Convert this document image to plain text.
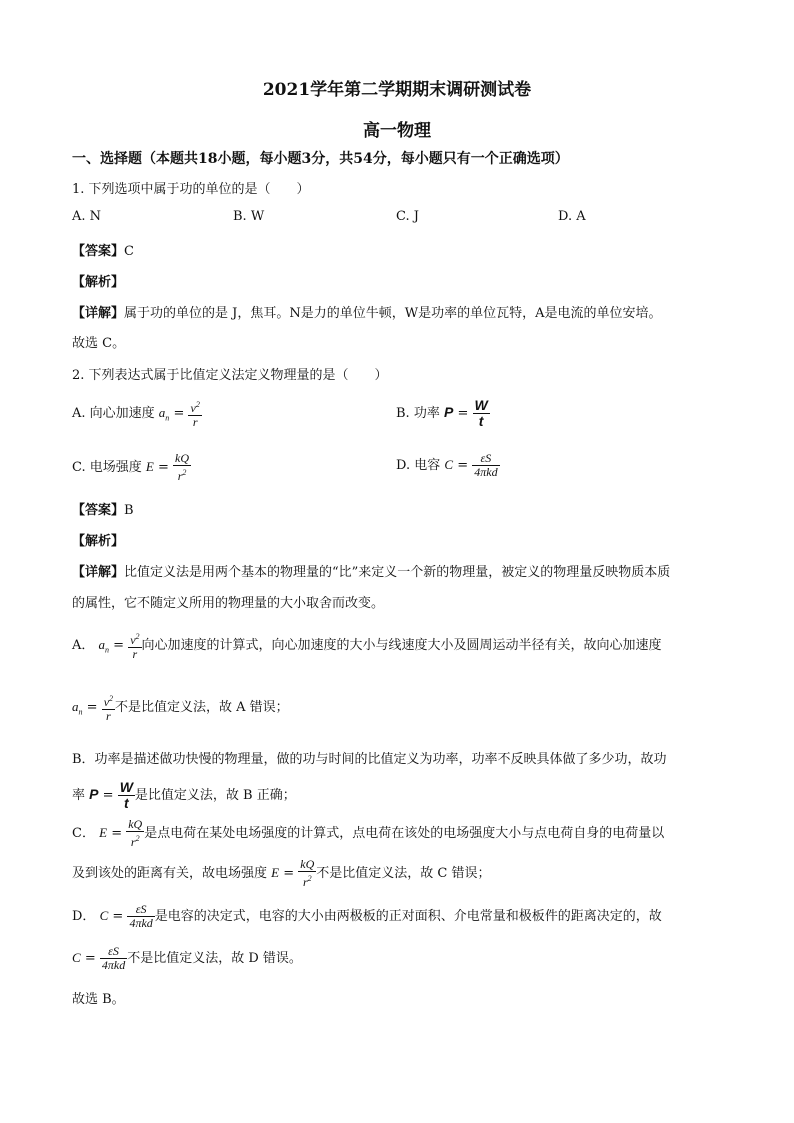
2021学年第二学期期末调研测试卷
高一物理
一、选择题（本题共18小题，每小题3分，共54分，每小题只有一个正确选项）
1. 下列选项中属于功的单位的是（　　）
A. N	B. W	C. J	D. A
【答案】C
【解析】
【详解】属于功的单位的是 J，焦耳。N是力的单位牛顿，W是功率的单位瓦特，A是电流的单位安培。
故选 C。
2. 下列表达式属于比值定义法定义物理量的是（　　）
A. 向心加速度 $a_n = \frac{v^2}{r}$	B. 功率 $P = \frac{W}{t}$
C. 电场强度 $E = \frac{kQ}{r^2}$	D. 电容 $C = \frac{\varepsilon S}{\text{4πkd}}$
【答案】B
【解析】
【详解】比值定义法是用两个基本的物理量的“比”来定义一个新的物理量，被定义的物理量反映物质本质
的属性，它不随定义所用的物理量的大小取舍而改变。
A． $a_n = \frac{v^2}{r}$ 向心加速度的计算式，向心加速度的大小与线速度大小及圆周运动半径有关，故向心加速度
$a_n = \frac{v^2}{r}$ 不是比值定义法，故 A 错误；
B．功率是描述做功快慢的物理量，做的功与时间的比值定义为功率，功率不反映具体做了多少功，故功
率 $P = \frac{W}{t}$ 是比值定义法，故 B 正确；
C． $E = \frac{kQ}{r^2}$ 是点电荷在某处电场强度的计算式，点电荷在该处的电场强度大小与点电荷自身的电荷量以
及到该处的距离有关，故电场强度 $E = \frac{kQ}{r^2}$ 不是比值定义法，故 C 错误；
D． $C = \frac{\varepsilon S}{\text{4πkd}}$ 是电容的决定式，电容的大小由两极板的正对面积、介电常量和极板件的距离决定的，故
$C = \frac{\varepsilon S}{\text{4πkd}}$ 不是比值定义法，故 D 错误。
故选 B。
